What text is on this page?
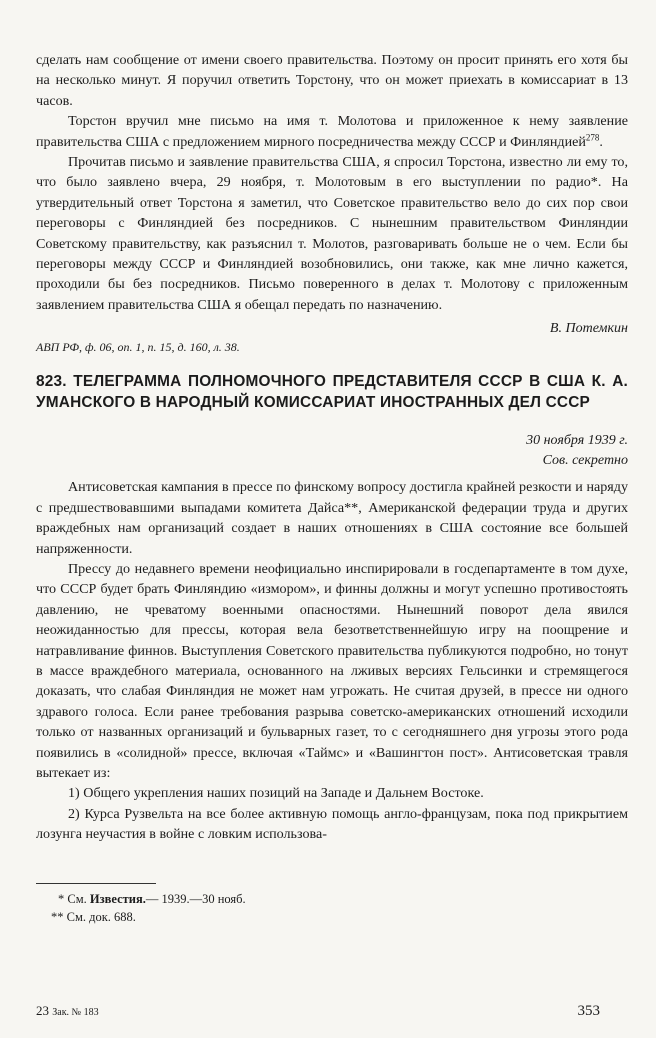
сделать нам сообщение от имени своего правительства. Поэтому он просит принять его хотя бы на несколько минут. Я поручил ответить Торстону, что он может приехать в комиссариат в 13 часов.

Торстон вручил мне письмо на имя т. Молотова и приложенное к нему заявление правительства США с предложением мирного посредничества между СССР и Финляндией$^{278}$.

Прочитав письмо и заявление правительства США, я спросил Торстона, известно ли ему то, что было заявлено вчера, 29 ноября, т. Молотовым в его выступлении по радио*. На утвердительный ответ Торстона я заметил, что Советское правительство вело до сих пор свои переговоры с Финляндией без посредников. С нынешним правительством Финляндии Советскому правительству, как разъяснил т. Молотов, разговаривать больше не о чем. Если бы переговоры между СССР и Финляндией возобновились, они также, как мне лично кажется, проходили бы без посредников. Письмо поверенного в делах т. Молотову с приложенным заявлением правительства США я обещал передать по назначению.

В. Потемкин

АВП РФ, ф. 06, оп. 1, п. 15, д. 160, л. 38.

823. ТЕЛЕГРАММА ПОЛНОМОЧНОГО ПРЕДСТАВИТЕЛЯ СССР В США К. А. УМАНСКОГО В НАРОДНЫЙ КОМИССАРИАТ ИНОСТРАННЫХ ДЕЛ СССР
30 ноября 1939 г.
Сов. секретно

Антисоветская кампания в прессе по финскому вопросу достигла крайней резкости и наряду с предшествовавшими выпадами комитета Дайса**, Американской федерации труда и других враждебных нам организаций создает в наших отношениях в США состояние все большей напряженности.

Прессу до недавнего времени неофициально инспирировали в госдепартаменте в том духе, что СССР будет брать Финляндию «измором», и финны должны и могут успешно противостоять давлению, не чреватому военными опасностями. Нынешний поворот дела явился неожиданностью для прессы, которая вела безответственнейшую игру на поощрение и натравливание финнов. Выступления Советского правительства публикуются подробно, но тонут в массе враждебного материала, основанного на лживых версиях Гельсинки и стремящегося доказать, что слабая Финляндия не может нам угрожать. Не считая друзей, в прессе ни одного здравого голоса. Если ранее требования разрыва советско-американских отношений исходили только от названных организаций и бульварных газет, то с сегодняшнего дня угрозы этого рода появились в «солидной» прессе, включая «Таймс» и «Вашингтон пост». Антисоветская травля вытекает из:

1) Общего укрепления наших позиций на Западе и Дальнем Востоке.

2) Курса Рузвельта на все более активную помощь англо-французам, пока под прикрытием лозунга неучастия в войне с ловким использова-

* См. Известия.— 1939.—30 нояб.

** См. док. 688.

23 Зак. № 183	353
